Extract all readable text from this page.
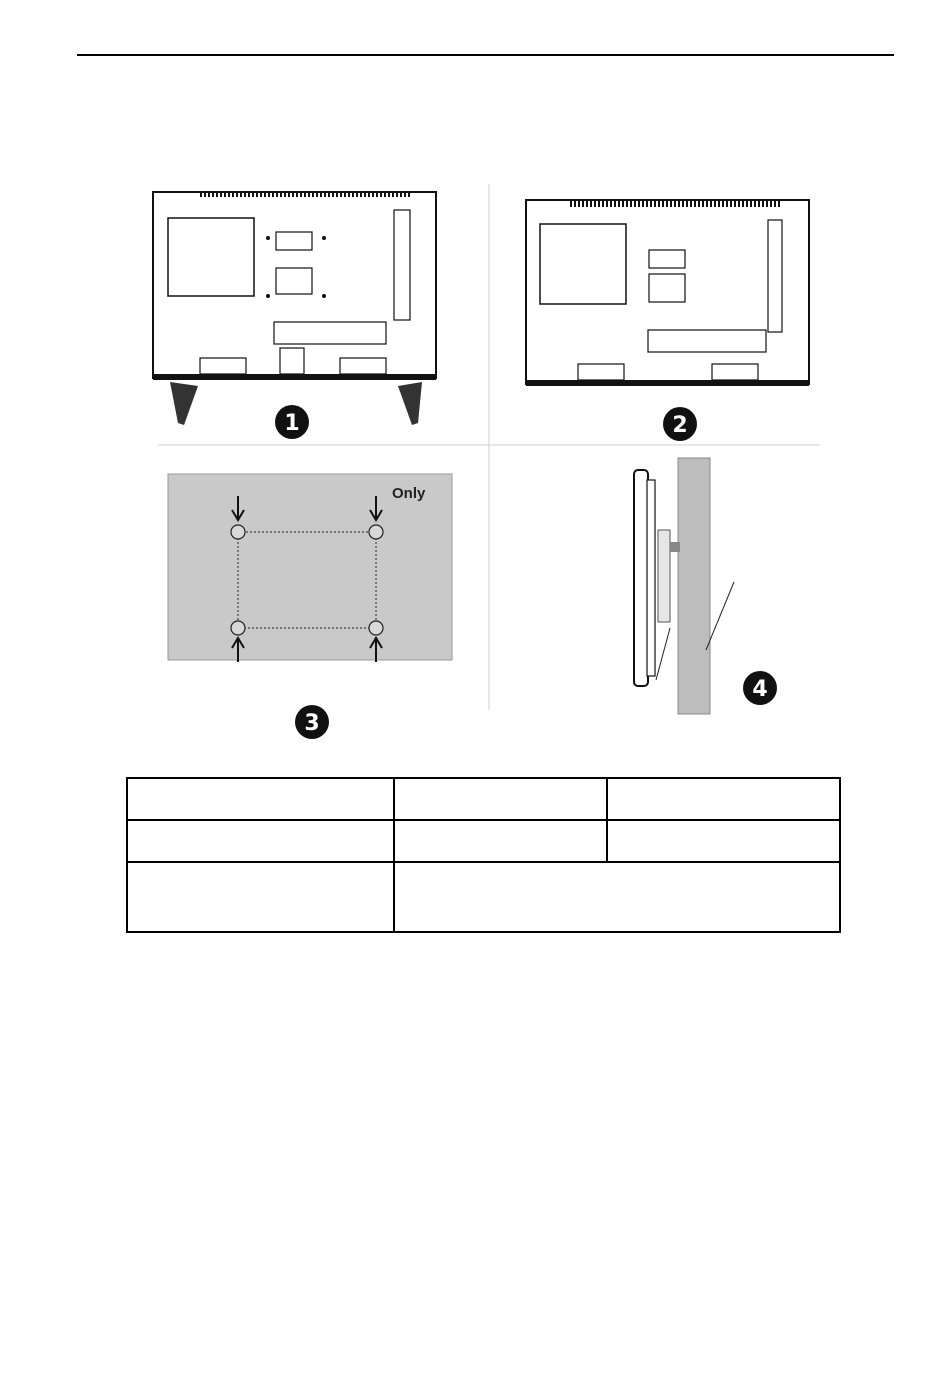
1	2
Only
3
4
